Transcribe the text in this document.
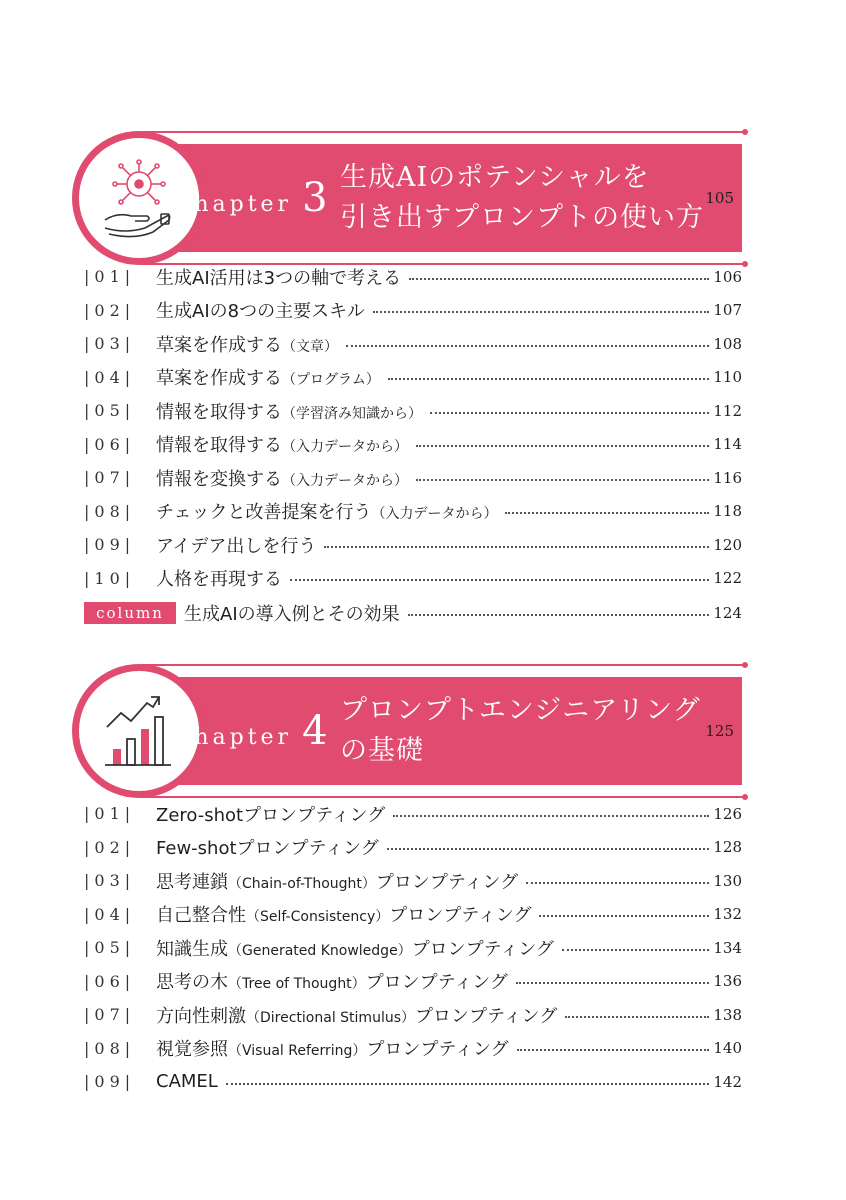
chapter 3 生成AIのポテンシャルを
引き出すプロンプトの使い方
105
|01|	生成AI活用は3つの軸で考える	106
|02|	生成AIの8つの主要スキル	107
|03|	草案を作成する（文章）	108
|04|	草案を作成する（プログラム）	110
|05|	情報を取得する（学習済み知識から）	112
|06|	情報を取得する（入力データから）	114
|07|	情報を変換する（入力データから）	116
|08|	チェックと改善提案を行う（入力データから）	118
|09|	アイデア出しを行う	120
|10|	人格を再現する	122
column	生成AIの導入例とその効果	124
chapter 4 プロンプトエンジニアリング
の基礎
125
|01|	Zero-shotプロンプティング	126
|02|	Few-shotプロンプティング	128
|03|	思考連鎖（Chain-of-Thought）プロンプティング	130
|04|	自己整合性（Self-Consistency）プロンプティング	132
|05|	知識生成（Generated Knowledge）プロンプティング	134
|06|	思考の木（Tree of Thought）プロンプティング	136
|07|	方向性刺激（Directional Stimulus）プロンプティング	138
|08|	視覚参照（Visual Referring）プロンプティング	140
|09|	CAMEL	142
